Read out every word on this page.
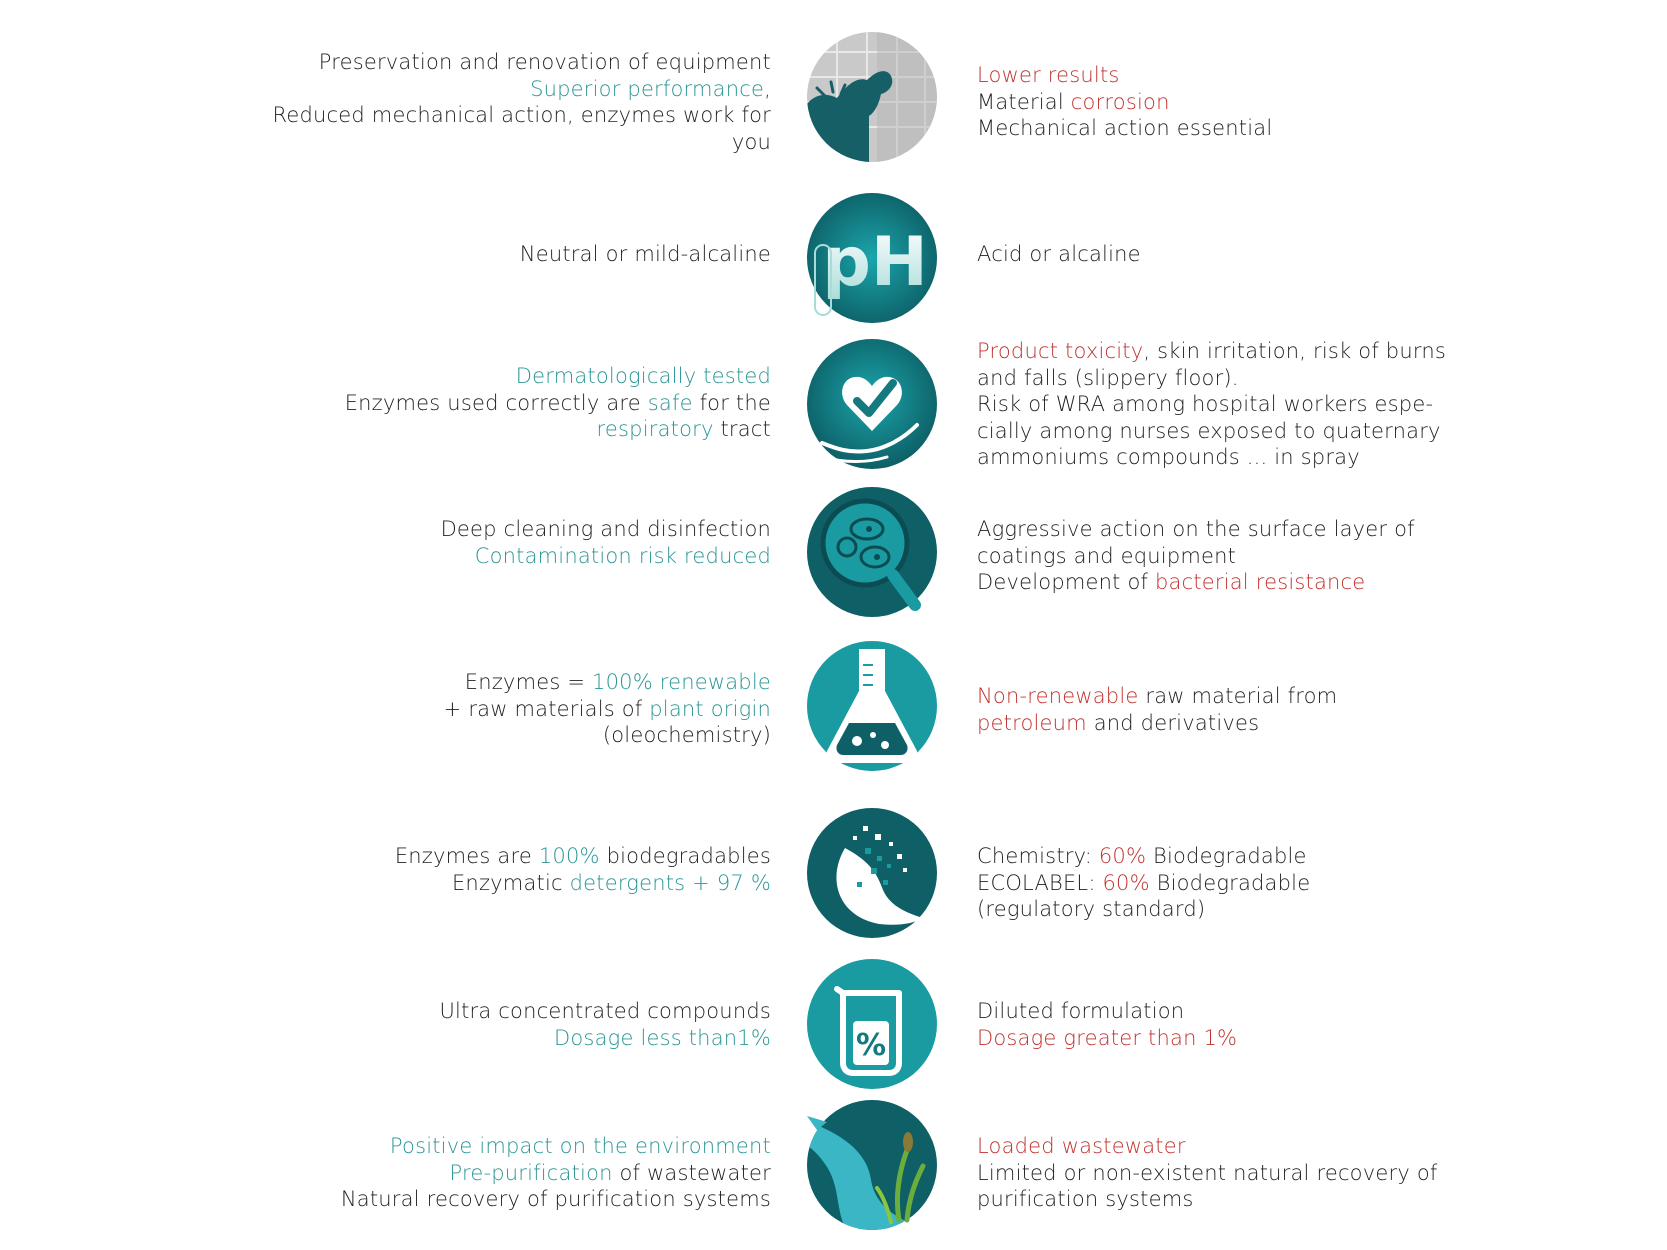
Preservation and renovation of equipment
Superior performance,
Reduced mechanical action, enzymes work for
you
Lower results
Material corrosion
Mechanical action essential
Neutral or mild-alcaline pH Acid or alcaline
Dermatologically tested
Enzymes used correctly are safe for the
respiratory tract
Product toxicity, skin irritation, risk of burns
and falls (slippery floor).
Risk of WRA among hospital workers espe-
cially among nurses exposed to quaternary
ammoniums compounds ... in spray
Deep cleaning and disinfection
Contamination risk reduced
Aggressive action on the surface layer of
coatings and equipment
Development of bacterial resistance
Enzymes = 100% renewable
+ raw materials of plant origin
(oleochemistry)
Non-renewable raw material from
petroleum and derivatives
Enzymes are 100% biodegradables
Enzymatic detergents + 97 %
Chemistry: 60% Biodegradable
ECOLABEL: 60% Biodegradable
(regulatory standard)
Ultra concentrated compounds
Dosage less than1%	%
Diluted formulation
Dosage greater than 1%
Positive impact on the environment
Pre-purification of wastewater
Natural recovery of purification systems
Loaded wastewater
Limited or non-existent natural recovery of
purification systems
